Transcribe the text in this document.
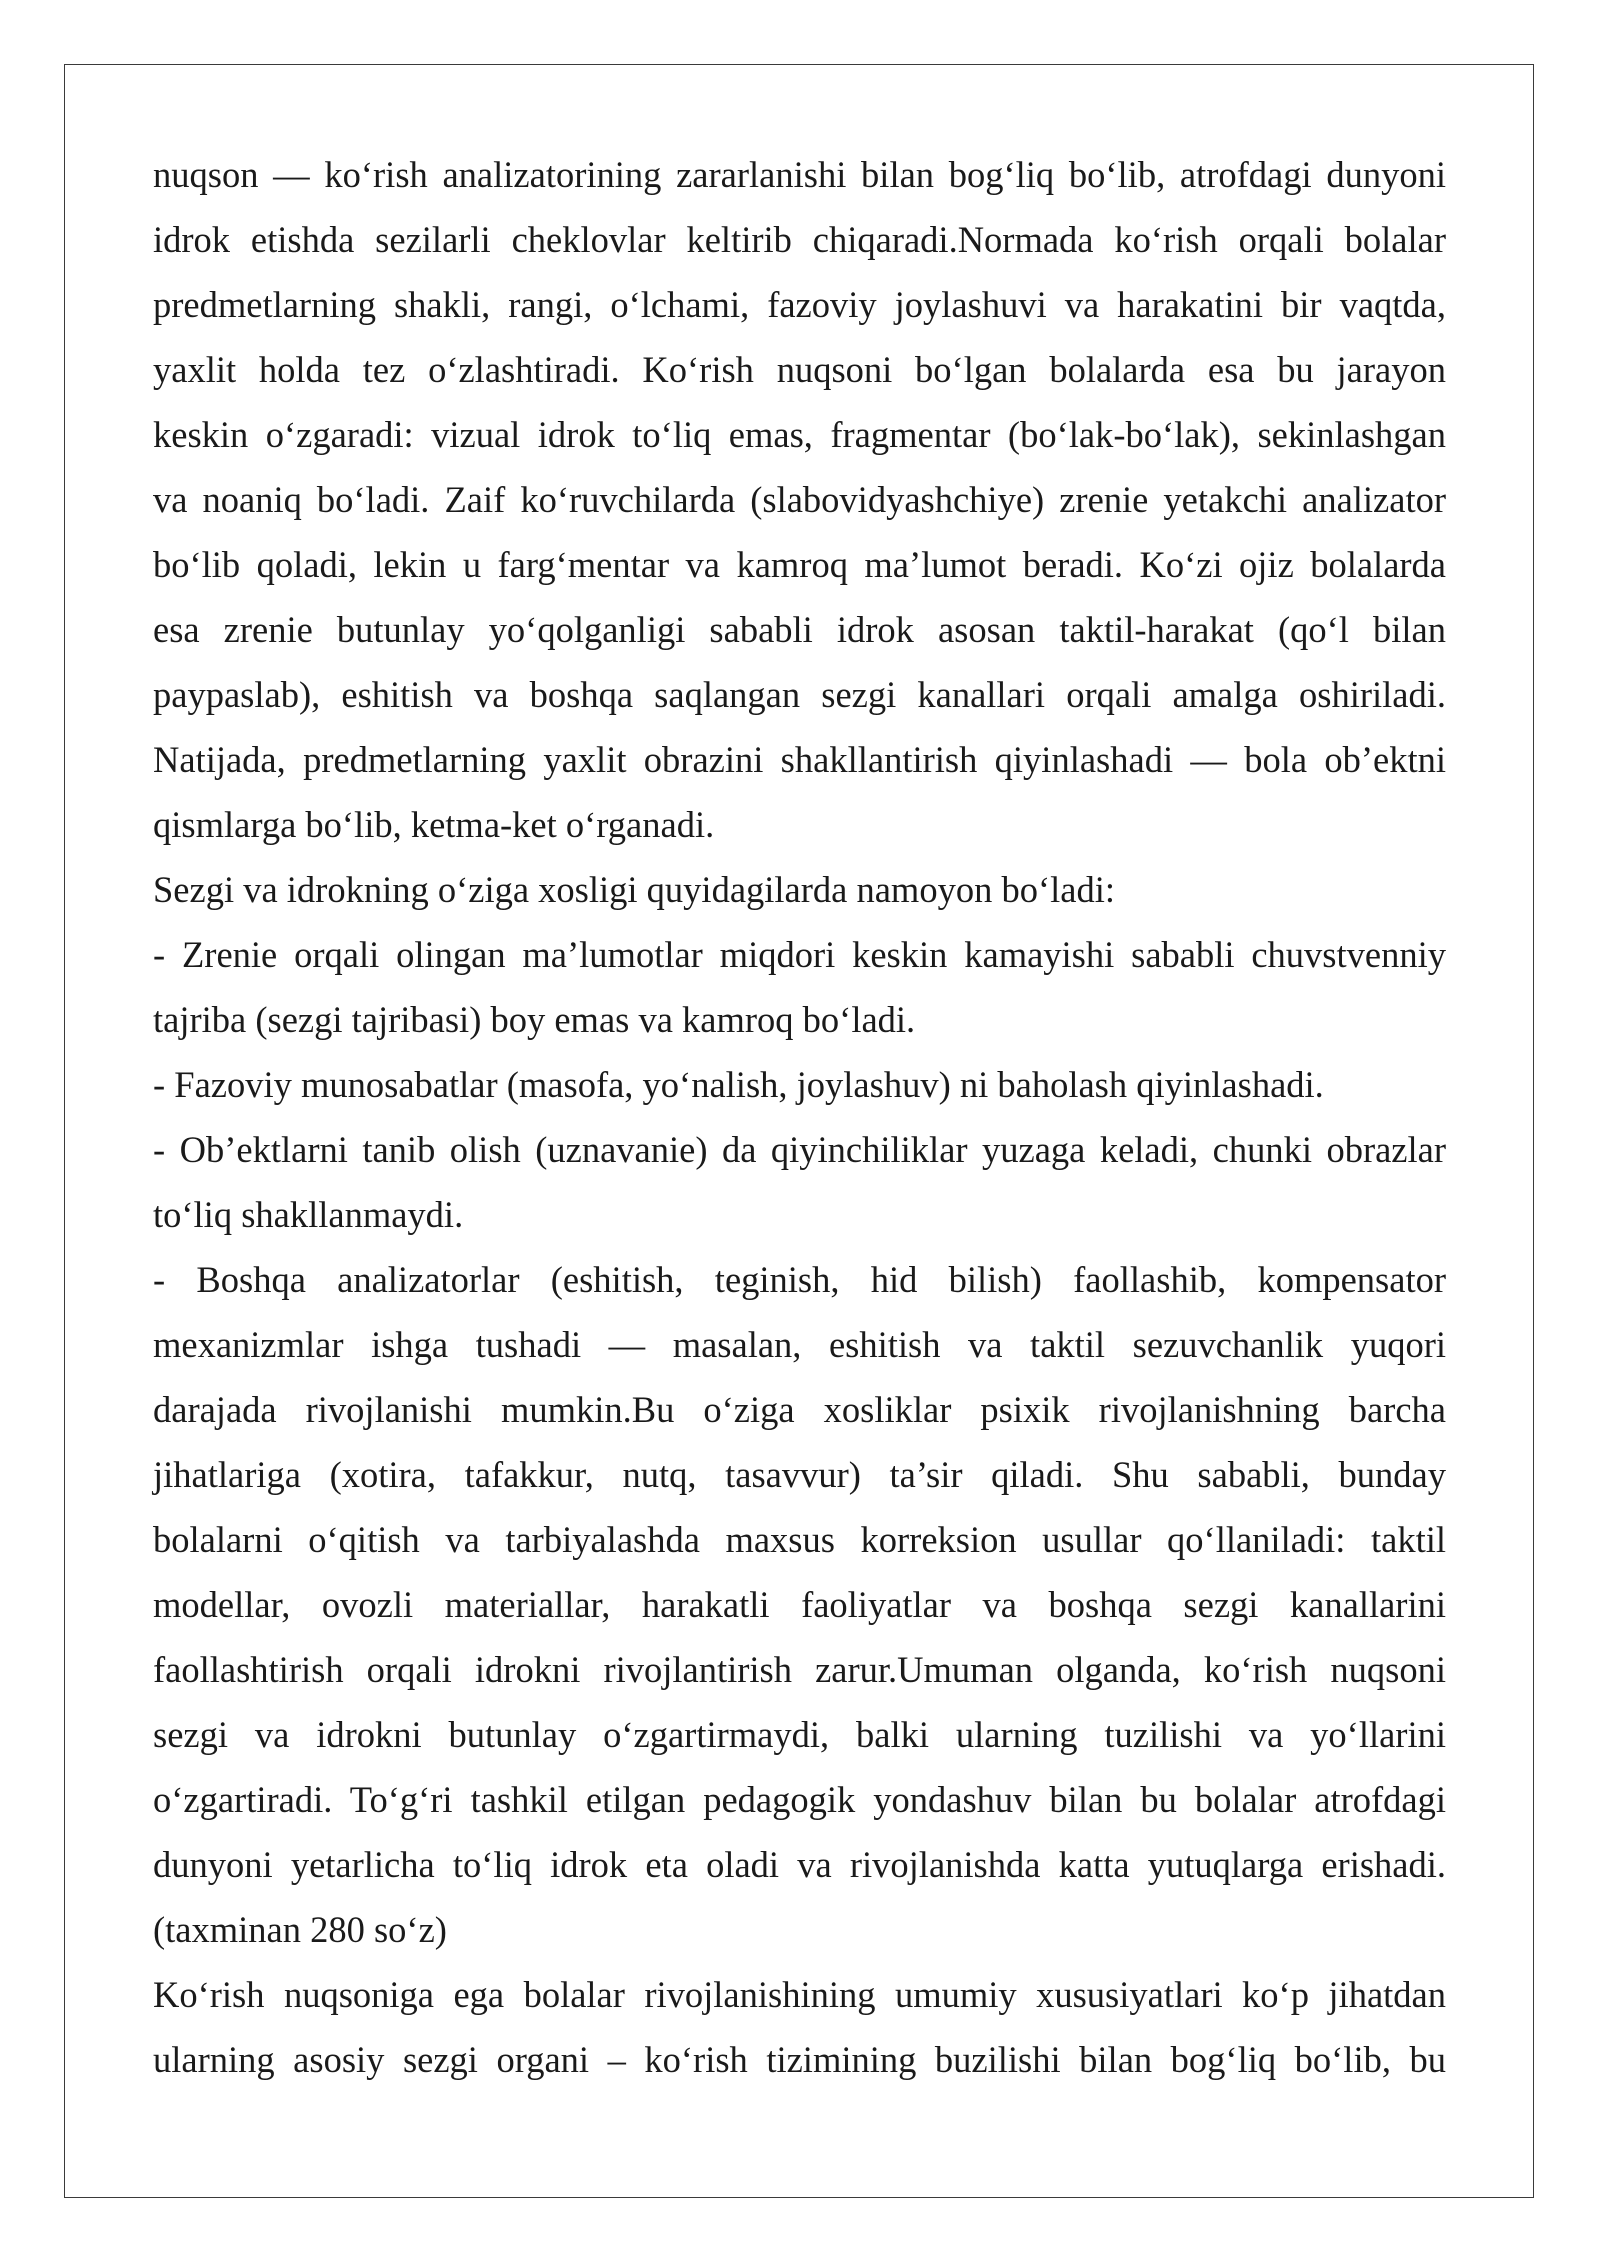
nuqson — ko‘rish analizatorining zararlanishi bilan bog‘liq bo‘lib, atrofdagi dunyoni
idrok etishda sezilarli cheklovlar keltirib chiqaradi.Normada ko‘rish orqali bolalar
predmetlarning shakli, rangi, o‘lchami, fazoviy joylashuvi va harakatini bir vaqtda,
yaxlit holda tez o‘zlashtiradi. Ko‘rish nuqsoni bo‘lgan bolalarda esa bu jarayon
keskin o‘zgaradi: vizual idrok to‘liq emas, fragmentar (bo‘lak-bo‘lak), sekinlashgan
va noaniq bo‘ladi. Zaif ko‘ruvchilarda (slabovidyashchiye) zrenie yetakchi analizator
bo‘lib qoladi, lekin u farg‘mentar va kamroq ma’lumot beradi. Ko‘zi ojiz bolalarda
esa zrenie butunlay yo‘qolganligi sababli idrok asosan taktil-harakat (qo‘l bilan
paypaslab), eshitish va boshqa saqlangan sezgi kanallari orqali amalga oshiriladi.
Natijada, predmetlarning yaxlit obrazini shakllantirish qiyinlashadi — bola ob’ektni
qismlarga bo‘lib, ketma-ket o‘rganadi.
Sezgi va idrokning o‘ziga xosligi quyidagilarda namoyon bo‘ladi:
- Zrenie orqali olingan ma’lumotlar miqdori keskin kamayishi sababli chuvstvenniy
tajriba (sezgi tajribasi) boy emas va kamroq bo‘ladi.
- Fazoviy munosabatlar (masofa, yo‘nalish, joylashuv) ni baholash qiyinlashadi.
- Ob’ektlarni tanib olish (uznavanie) da qiyinchiliklar yuzaga keladi, chunki obrazlar
to‘liq shakllanmaydi.
- Boshqa analizatorlar (eshitish, teginish, hid bilish) faollashib, kompensator
mexanizmlar ishga tushadi — masalan, eshitish va taktil sezuvchanlik yuqori
darajada rivojlanishi mumkin.Bu o‘ziga xosliklar psixik rivojlanishning barcha
jihatlariga (xotira, tafakkur, nutq, tasavvur) ta’sir qiladi. Shu sababli, bunday
bolalarni o‘qitish va tarbiyalashda maxsus korreksion usullar qo‘llaniladi: taktil
modellar, ovozli materiallar, harakatli faoliyatlar va boshqa sezgi kanallarini
faollashtirish orqali idrokni rivojlantirish zarur.Umuman olganda, ko‘rish nuqsoni
sezgi va idrokni butunlay o‘zgartirmaydi, balki ularning tuzilishi va yo‘llarini
o‘zgartiradi. To‘g‘ri tashkil etilgan pedagogik yondashuv bilan bu bolalar atrofdagi
dunyoni yetarlicha to‘liq idrok eta oladi va rivojlanishda katta yutuqlarga erishadi.
(taxminan 280 so‘z)
Ko‘rish nuqsoniga ega bolalar rivojlanishining umumiy xususiyatlari ko‘p jihatdan
ularning asosiy sezgi organi – ko‘rish tizimining buzilishi bilan bog‘liq bo‘lib, bu
